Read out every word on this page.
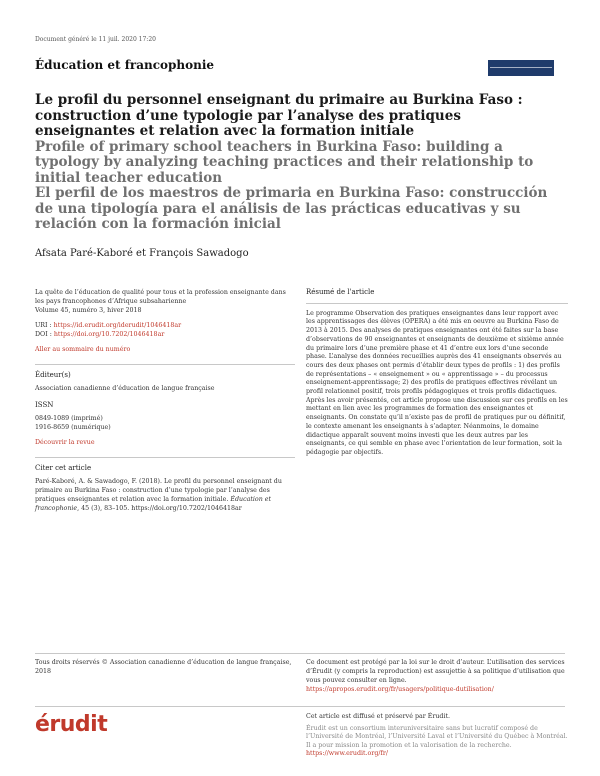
Document généré le 11 juil. 2020 17:20
Éducation et francophonie

Le profil du personnel enseignant du primaire au Burkina Faso : construction d’une typologie par l’analyse des pratiques enseignantes et relation avec la formation initiale

Profile of primary school teachers in Burkina Faso: building a typology by analyzing teaching practices and their relationship to initial teacher education

El perfil de los maestros de primaria en Burkina Faso: construcción de una tipología para el análisis de las prácticas educativas y su relación con la formación inicial

Afsata Paré-Kaboré et François Sawadogo

La quête de l’éducation de qualité pour tous et la profession enseignante dans les pays francophones d’Afrique subsaharienne

Volume 45, numéro 3, hiver 2018

URI : https://id.erudit.org/iderudit/1046418ar

DOI : https://doi.org/10.7202/1046418ar

Aller au sommaire du numéro

Éditeur(s)

Association canadienne d’éducation de langue française

ISSN

0849-1089 (imprimé)

1916-8659 (numérique)

Découvrir la revue

Citer cet article

Paré-Kaboré, A. & Sawadogo, F. (2018). Le profil du personnel enseignant du primaire au Burkina Faso : construction d’une typologie par l’analyse des pratiques enseignantes et relation avec la formation initiale. Éducation et francophonie, 45 (3), 83–105. https://doi.org/10.7202/1046418ar

Résumé de l'article

Le programme Observation des pratiques enseignantes dans leur rapport avec les apprentissages des élèves (OPERA) a été mis en oeuvre au Burkina Faso de 2013 à 2015. Des analyses de pratiques enseignantes ont été faites sur la base d’observations de 90 enseignantes et enseignants de deuxième et sixième année du primaire lors d’une première phase et 41 d’entre eux lors d’une seconde phase. L’analyse des données recueillies auprès des 41 enseignants observés au cours des deux phases ont permis d’établir deux types de profils : 1) des profils de représentations – « enseignement » ou « apprentissage » – du processus enseignement-apprentissage; 2) des profils de pratiques effectives révélant un profil relationnel positif, trois profils pédagogiques et trois profils didactiques. Après les avoir présentés, cet article propose une discussion sur ces profils en les mettant en lien avec les programmes de formation des enseignantes et enseignants. On constate qu’il n’existe pas de profil de pratiques pur ou définitif, le contexte amenant les enseignants à s’adapter. Néanmoins, le domaine didactique apparaît souvent moins investi que les deux autres par les enseignants, ce qui semble en phase avec l’orientation de leur formation, soit la pédagogie par objectifs.

Tous droits réservés © Association canadienne d’éducation de langue française, 2018
Ce document est protégé par la loi sur le droit d’auteur. L’utilisation des services d’Érudit (y compris la reproduction) est assujettie à sa politique d’utilisation que vous pouvez consulter en ligne.
https://apropos.erudit.org/fr/usagers/politique-dutilisation/
érudit	Cet article est diffusé et préservé par Érudit.
Érudit est un consortium interuniversitaire sans but lucratif composé de l’Université de Montréal, l’Université Laval et l’Université du Québec à Montréal. Il a pour mission la promotion et la valorisation de la recherche.
https://www.erudit.org/fr/
